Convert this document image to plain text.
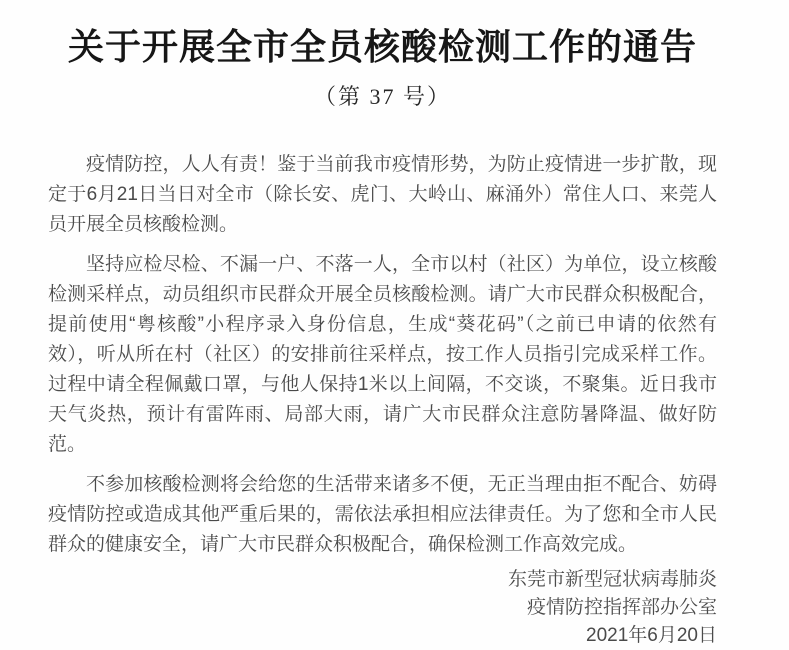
关于开展全市全员核酸检测工作的通告
（第 37 号）

疫情防控，人人有责！鉴于当前我市疫情形势，为防止疫情进一步扩散，现定于6月21日当日对全市（除长安、虎门、大岭山、麻涌外）常住人口、来莞人员开展全员核酸检测。

坚持应检尽检、不漏一户、不落一人，全市以村（社区）为单位，设立核酸检测采样点，动员组织市民群众开展全员核酸检测。请广大市民群众积极配合，提前使用“粤核酸”小程序录入身份信息，生成“葵花码”（之前已申请的依然有效），听从所在村（社区）的安排前往采样点，按工作人员指引完成采样工作。过程中请全程佩戴口罩，与他人保持1米以上间隔，不交谈，不聚集。近日我市天气炎热，预计有雷阵雨、局部大雨，请广大市民群众注意防暑降温、做好防范。

不参加核酸检测将会给您的生活带来诸多不便，无正当理由拒不配合、妨碍疫情防控或造成其他严重后果的，需依法承担相应法律责任。为了您和全市人民群众的健康安全，请广大市民群众积极配合，确保检测工作高效完成。

东莞市新型冠状病毒肺炎
疫情防控指挥部办公室
2021年6月20日
